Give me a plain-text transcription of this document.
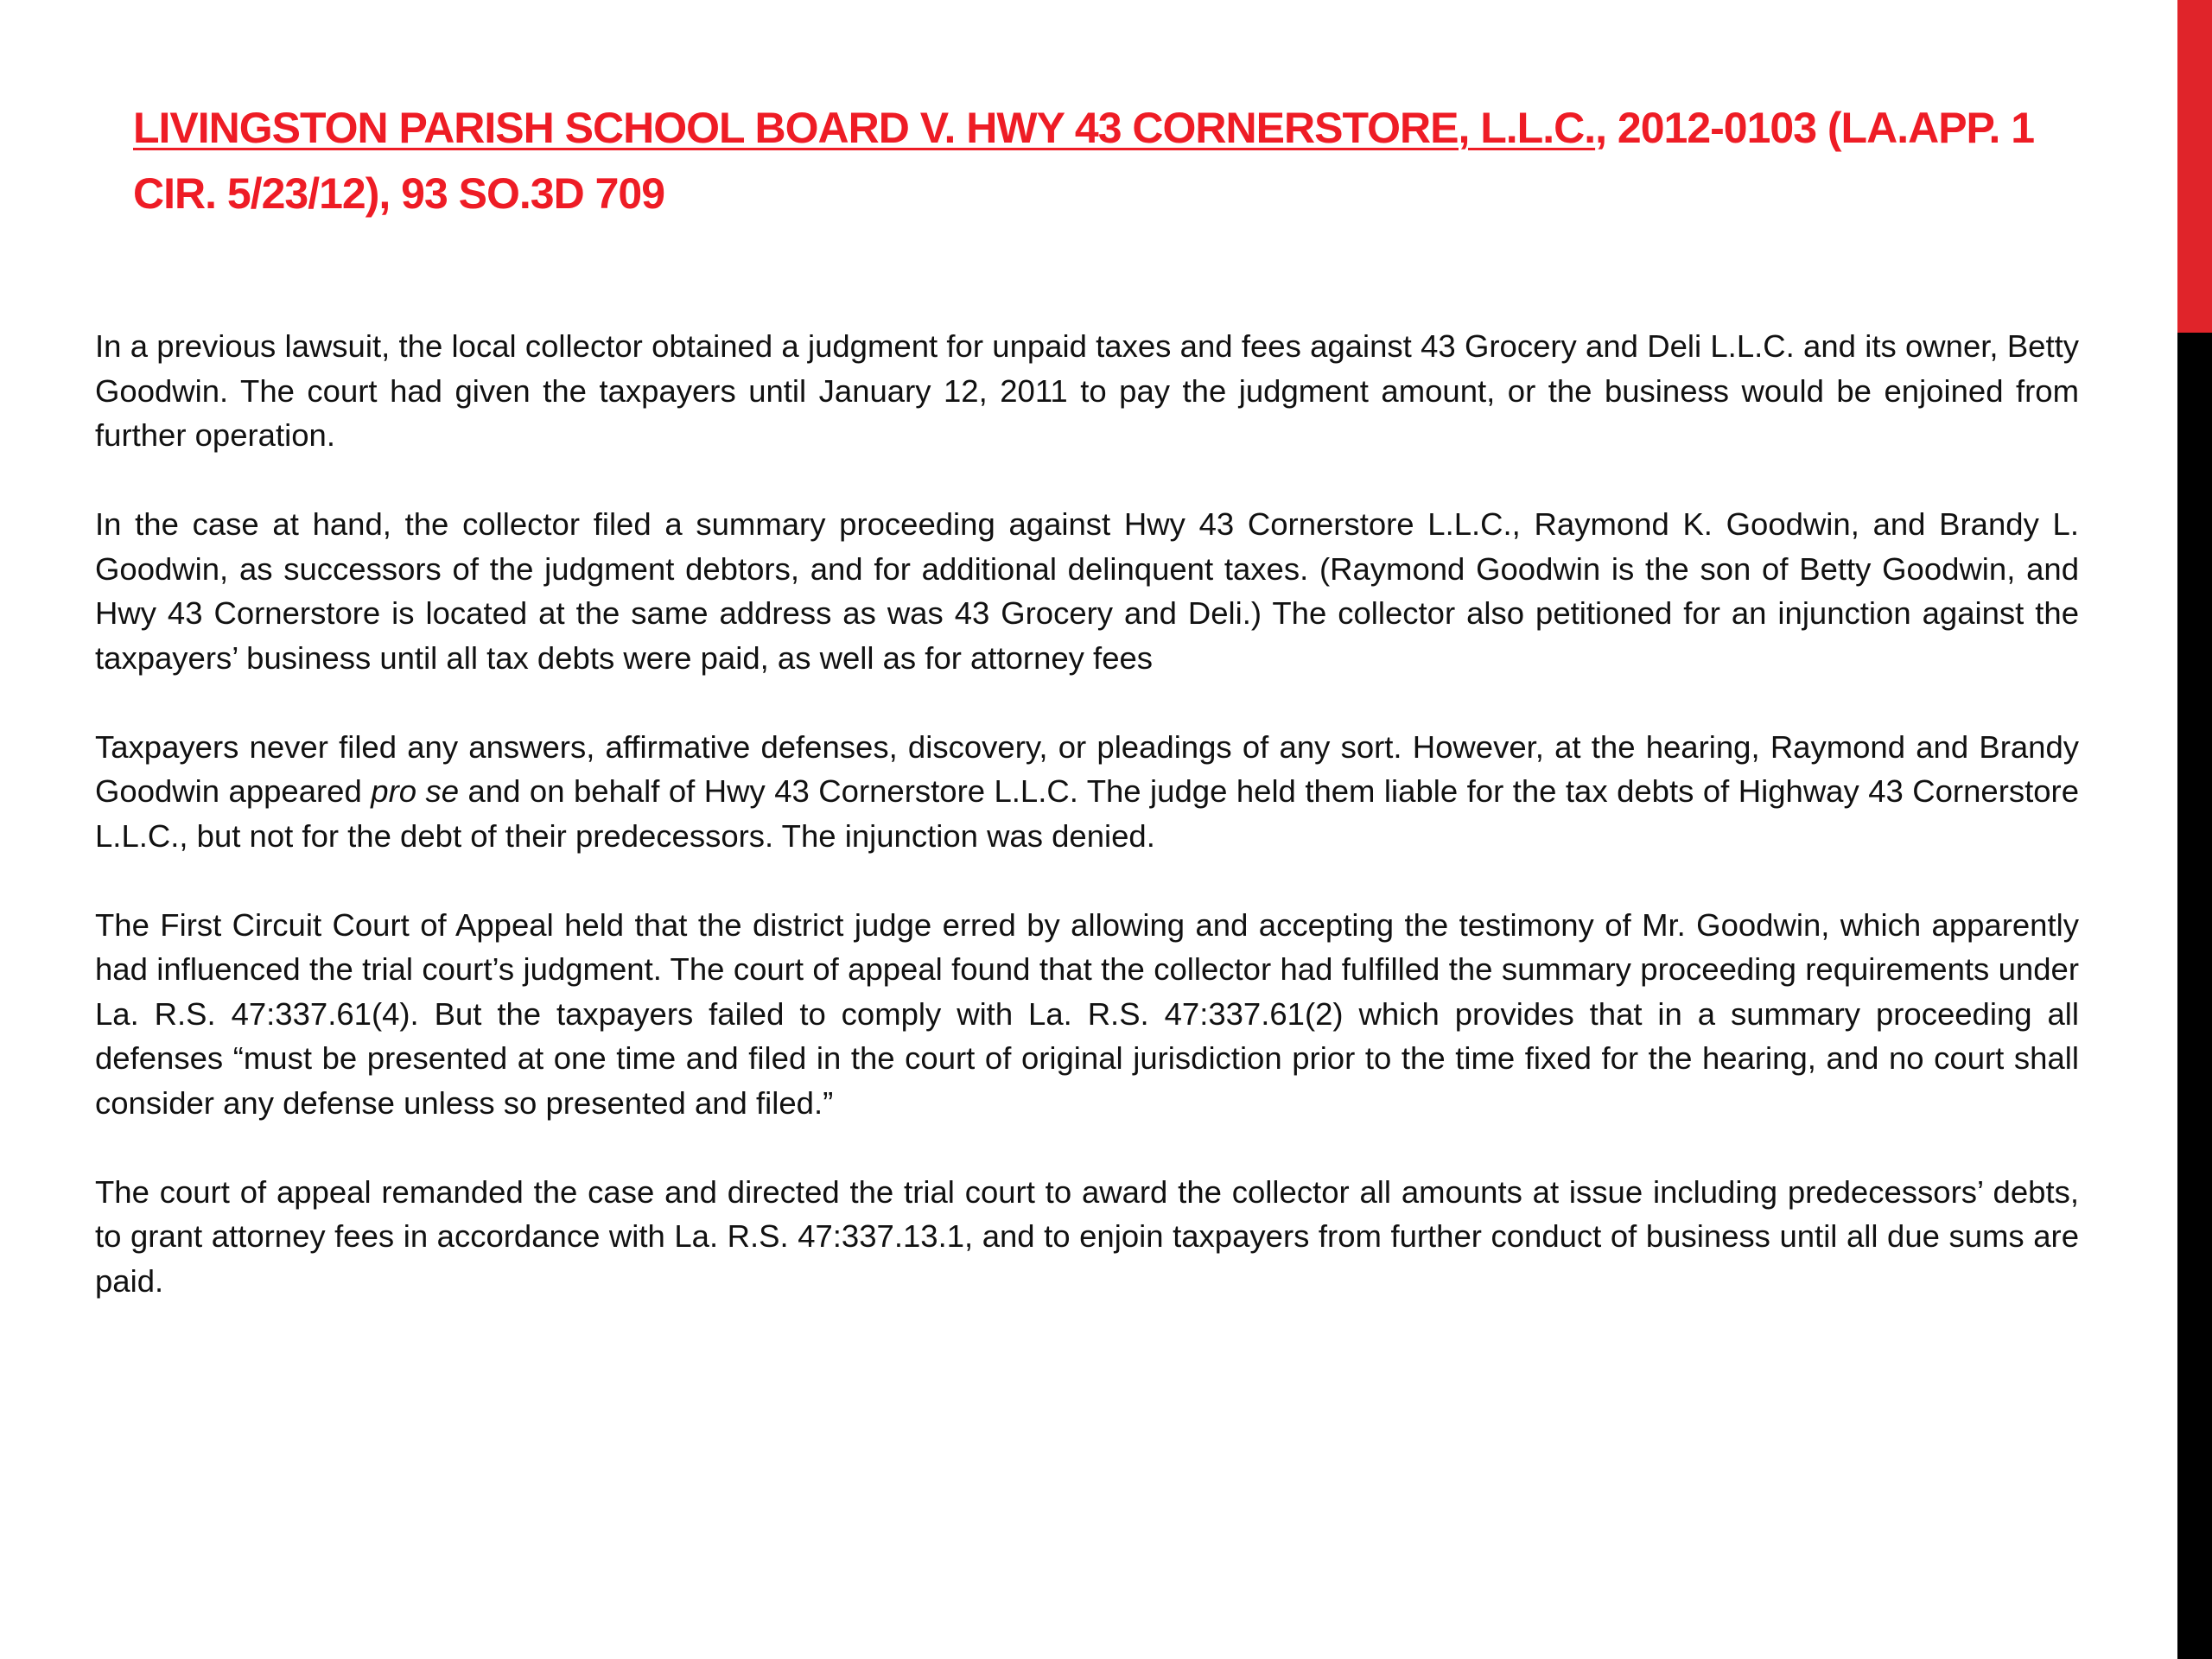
LIVINGSTON PARISH SCHOOL BOARD V. HWY 43 CORNERSTORE, L.L.C., 2012-0103 (LA.APP. 1 CIR. 5/23/12), 93 SO.3D 709

In a previous lawsuit, the local collector obtained a judgment for unpaid taxes and fees against 43 Grocery and Deli L.L.C. and its owner, Betty Goodwin. The court had given the taxpayers until January 12, 2011 to pay the judgment amount, or the business would be enjoined from further operation.

In the case at hand, the collector filed a summary proceeding against Hwy 43 Cornerstore L.L.C., Raymond K. Goodwin, and Brandy L. Goodwin, as successors of the judgment debtors, and for additional delinquent taxes. (Raymond Goodwin is the son of Betty Goodwin, and Hwy 43 Cornerstore is located at the same address as was 43 Grocery and Deli.) The collector also petitioned for an injunction against the taxpayers’ business until all tax debts were paid, as well as for attorney fees

Taxpayers never filed any answers, affirmative defenses, discovery, or pleadings of any sort. However, at the hearing, Raymond and Brandy Goodwin appeared pro se and on behalf of Hwy 43 Cornerstore L.L.C. The judge held them liable for the tax debts of Highway 43 Cornerstore L.L.C., but not for the debt of their predecessors. The injunction was denied.

The First Circuit Court of Appeal held that the district judge erred by allowing and accepting the testimony of Mr. Goodwin, which apparently had influenced the trial court’s judgment. The court of appeal found that the collector had fulfilled the summary proceeding requirements under La. R.S. 47:337.61(4). But the taxpayers failed to comply with La. R.S. 47:337.61(2) which provides that in a summary proceeding all defenses “must be presented at one time and filed in the court of original jurisdiction prior to the time fixed for the hearing, and no court shall consider any defense unless so presented and filed.”

The court of appeal remanded the case and directed the trial court to award the collector all amounts at issue including predecessors’ debts, to grant attorney fees in accordance with La. R.S. 47:337.13.1, and to enjoin taxpayers from further conduct of business until all due sums are paid.
